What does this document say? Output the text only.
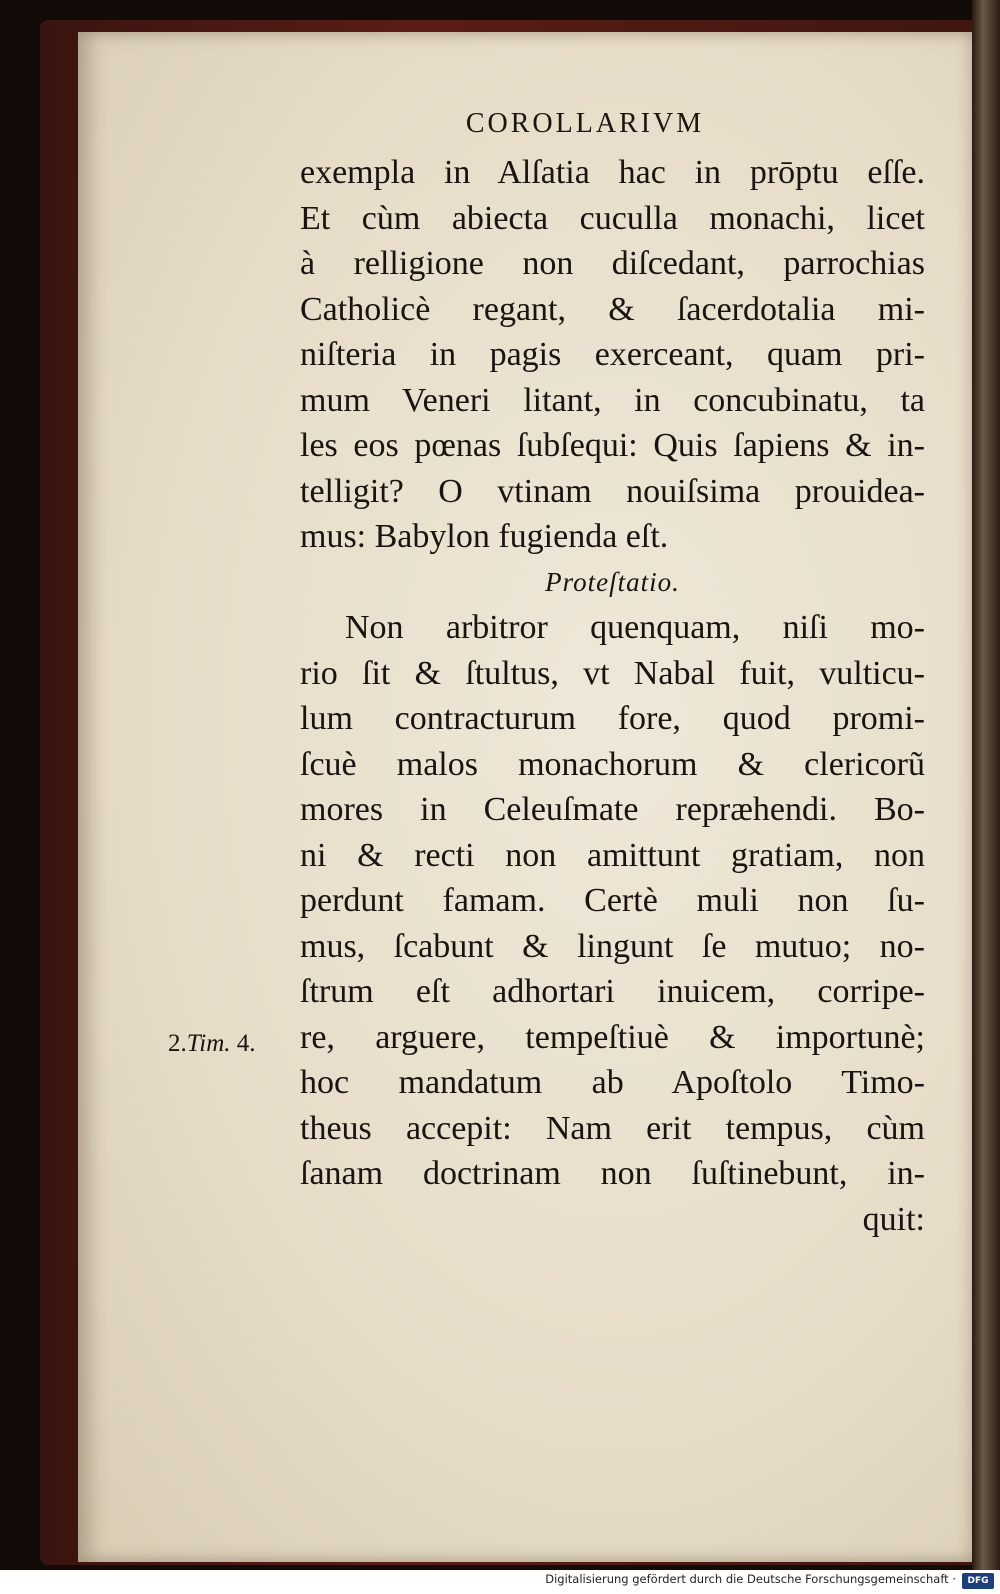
COROLLARIVM
exempla in Alſatia hac in prōptu eſſe.
Et cùm abiecta cuculla monachi, licet
à relligione non diſcedant, parrochias
Catholicè regant, & ſacerdotalia mi-
niſteria in pagis exerceant, quam pri-
mum Veneri litant, in concubinatu, ta
les eos pœnas ſubſequi: Quis ſapiens & in-
telligit? O vtinam nouiſsima prouidea-
mus: Babylon fugienda eſt.
Proteſtatio.
Non arbitror quenquam, niſi mo-
rio ſit & ſtultus, vt Nabal fuit, vulticu-
lum contracturum fore, quod promi-
ſcuè malos monachorum & clericorũ
mores in Celeuſmate repræhendi. Bo-
ni & recti non amittunt gratiam, non
perdunt famam. Certè muli non ſu-
mus, ſcabunt & lingunt ſe mutuo; no-
ſtrum eſt adhortari inuicem, corripe-
re, arguere, tempeſtiuè & importunè;
hoc mandatum ab Apoſtolo Timo-
theus accepit: Nam erit tempus, cùm
ſanam doctrinam non ſuſtinebunt, in-
quit:
2.Tim. 4.
Digitalisierung gefördert durch die Deutsche Forschungsgemeinschaft ·	DFG
